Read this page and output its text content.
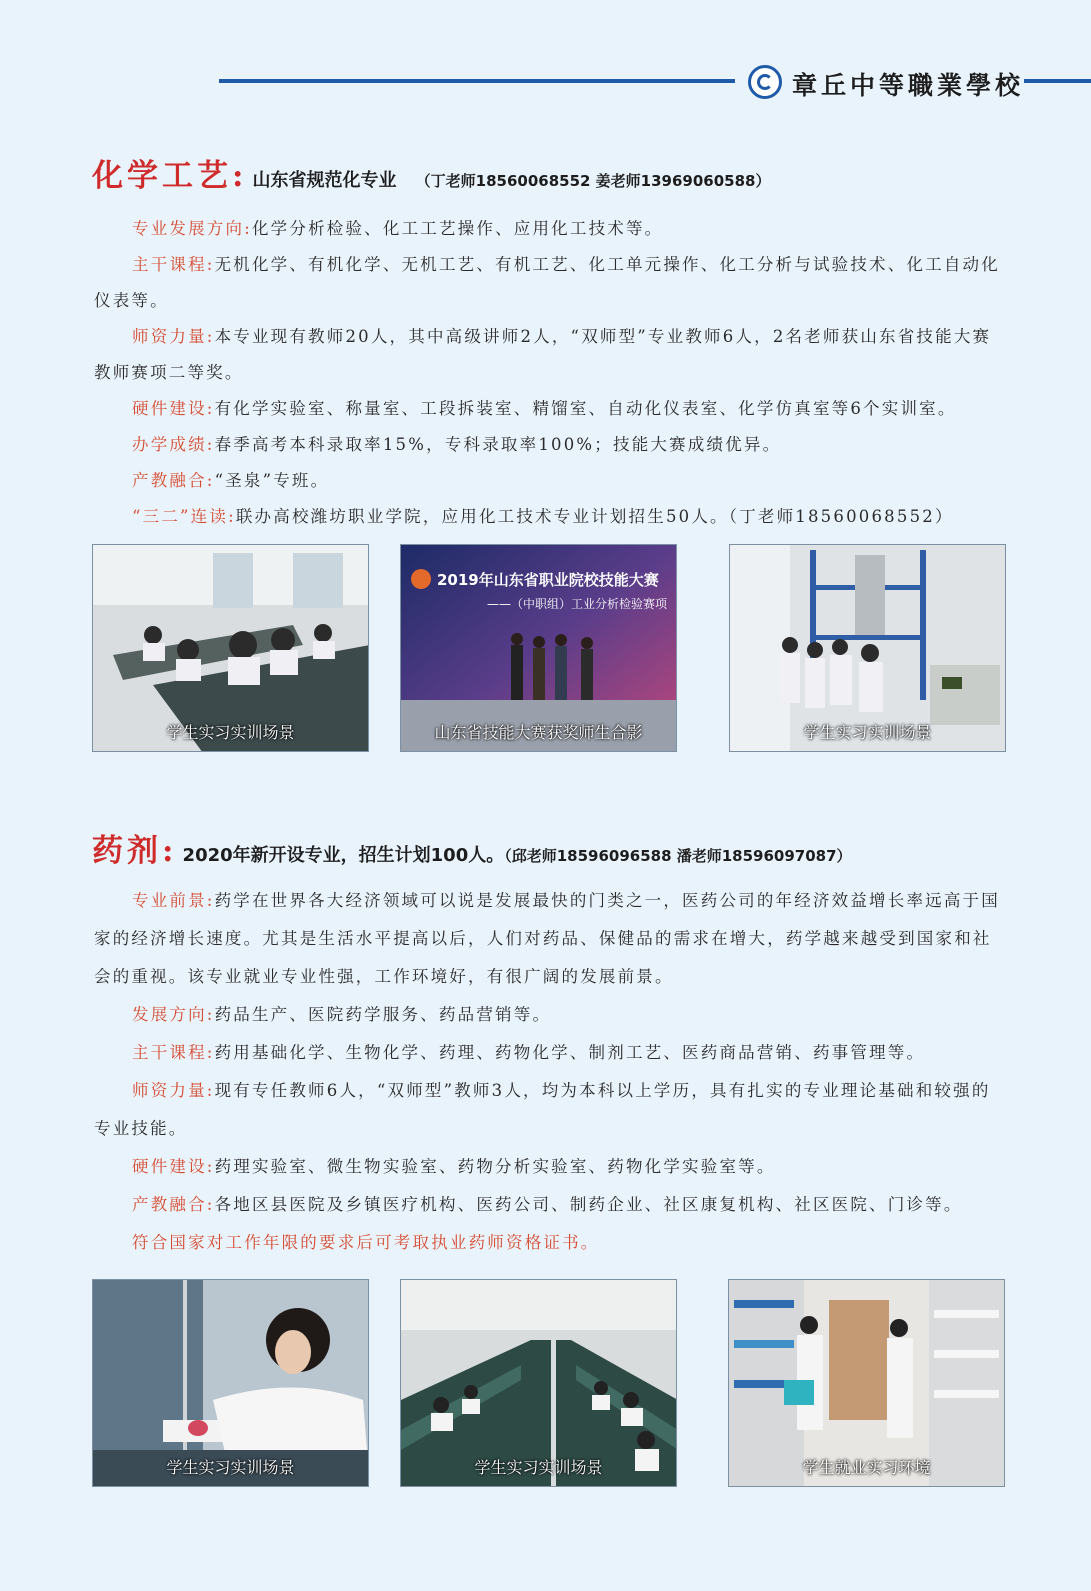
章丘中等職業學校
化学工艺: 山东省规范化专业 （丁老师18560068552 姜老师13969060588）
专业发展方向:化学分析检验、化工工艺操作、应用化工技术等。
主干课程:无机化学、有机化学、无机工艺、有机工艺、化工单元操作、化工分析与试验技术、化工自动化仪表等。
师资力量:本专业现有教师20人，其中高级讲师2人，“双师型”专业教师6人，2名老师获山东省技能大赛教师赛项二等奖。
硬件建设:有化学实验室、称量室、工段拆装室、精馏室、自动化仪表室、化学仿真室等6个实训室。
办学成绩:春季高考本科录取率15%，专科录取率100%；技能大赛成绩优异。
产教融合:“圣泉”专班。
“三二”连读:联办高校潍坊职业学院，应用化工技术专业计划招生50人。（丁老师18560068552）
学生实习实训场景
2019年山东省职业院校技能大赛
——（中职组）工业分析检验赛项
山东省技能大赛获奖师生合影	学生实习实训场景
药剂: 2020年新开设专业，招生计划100人。（邱老师18596096588 潘老师18596097087）
专业前景:药学在世界各大经济领域可以说是发展最快的门类之一，医药公司的年经济效益增长率远高于国家的经济增长速度。尤其是生活水平提高以后，人们对药品、保健品的需求在增大，药学越来越受到国家和社会的重视。该专业就业专业性强，工作环境好，有很广阔的发展前景。
发展方向:药品生产、医院药学服务、药品营销等。
主干课程:药用基础化学、生物化学、药理、药物化学、制剂工艺、医药商品营销、药事管理等。
师资力量:现有专任教师6人，“双师型”教师3人，均为本科以上学历，具有扎实的专业理论基础和较强的专业技能。
硬件建设:药理实验室、微生物实验室、药物分析实验室、药物化学实验室等。
产教融合:各地区县医院及乡镇医疗机构、医药公司、制药企业、社区康复机构、社区医院、门诊等。
符合国家对工作年限的要求后可考取执业药师资格证书。
学生实习实训场景	学生实习实训场景	学生就业实习环境
